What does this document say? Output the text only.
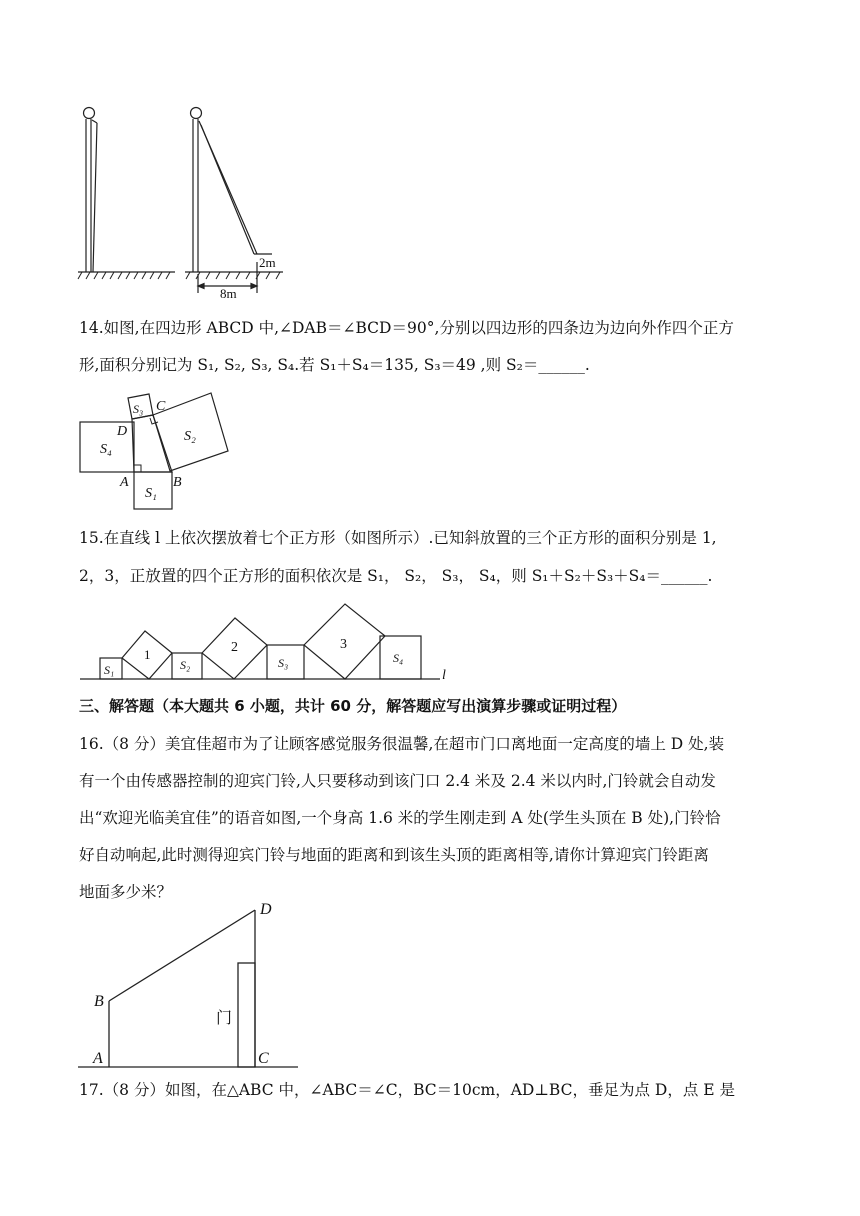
2m
8m
14.如图,在四边形 ABCD 中,∠DAB＝∠BCD＝90°,分别以四边形的四条边为边向外作四个正方
形,面积分别记为 S₁, S₂, S₃, S₄.若 S₁＋S₄＝135, S₃＝49 ,则 S₂＝______.
S₄
S₁
S₃
S₂
A	B
C
D
15.在直线 l 上依次摆放着七个正方形（如图所示）.已知斜放置的三个正方形的面积分别是 1,
2，3，正放置的四个正方形的面积依次是 S₁， S₂， S₃， S₄，则 S₁＋S₂＋S₃＋S₄＝______.
S₁
1
S₂
2
S₃
3
S₄
l
三、解答题（本大题共 6 小题，共计 60 分，解答题应写出演算步骤或证明过程）
16.（8 分）美宜佳超市为了让顾客感觉服务很温馨,在超市门口离地面一定高度的墙上 D 处,装
有一个由传感器控制的迎宾门铃,人只要移动到该门口 2.4 米及 2.4 米以内时,门铃就会自动发
出“欢迎光临美宜佳”的语音如图,一个身高 1.6 米的学生刚走到 A 处(学生头顶在 B 处),门铃恰
好自动响起,此时测得迎宾门铃与地面的距离和到该生头顶的距离相等,请你计算迎宾门铃距离
地面多少米？
B
A
D
C
门
17.（8 分）如图，在△ABC 中，∠ABC＝∠C，BC＝10cm，AD⊥BC，垂足为点 D，点 E 是
